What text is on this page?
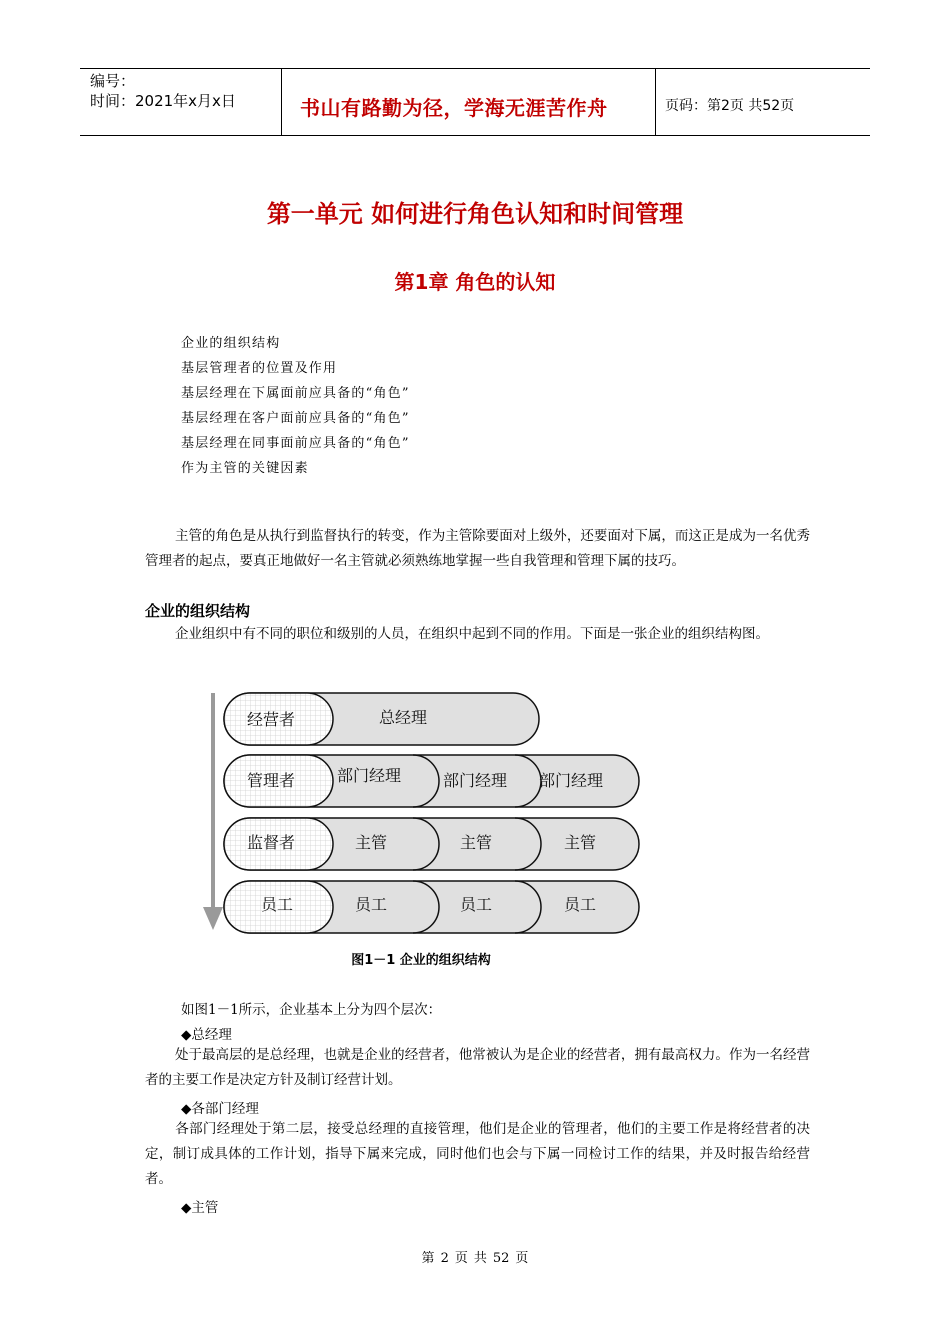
编号：
时间：2021年x月x日	书山有路勤为径，学海无涯苦作舟	页码：第2页 共52页
第一单元 如何进行角色认知和时间管理
第1章 角色的认知
企业的组织结构
基层管理者的位置及作用
基层经理在下属面前应具备的“角色”
基层经理在客户面前应具备的“角色”
基层经理在同事面前应具备的“角色”
作为主管的关键因素

主管的角色是从执行到监督执行的转变，作为主管除要面对上级外，还要面对下属，而这正是成为一名优秀管理者的起点，要真正地做好一名主管就必须熟练地掌握一些自我管理和管理下属的技巧。

企业的组织结构

企业组织中有不同的职位和级别的人员，在组织中起到不同的作用。下面是一张企业的组织结构图。

经营者	总经理
管理者	部门经理	部门经理 部门经理
监督者	主管	主管	主管
员工	员工	员工	员工
图1－1 企业的组织结构
如图1－1所示，企业基本上分为四个层次：
◆总经理

处于最高层的是总经理，也就是企业的经营者，他常被认为是企业的经营者，拥有最高权力。作为一名经营者的主要工作是决定方针及制订经营计划。

◆各部门经理

各部门经理处于第二层，接受总经理的直接管理，他们是企业的管理者，他们的主要工作是将经营者的决定，制订成具体的工作计划，指导下属来完成，同时他们也会与下属一同检讨工作的结果，并及时报告给经营者。

◆主管
第 2 页 共 52 页
